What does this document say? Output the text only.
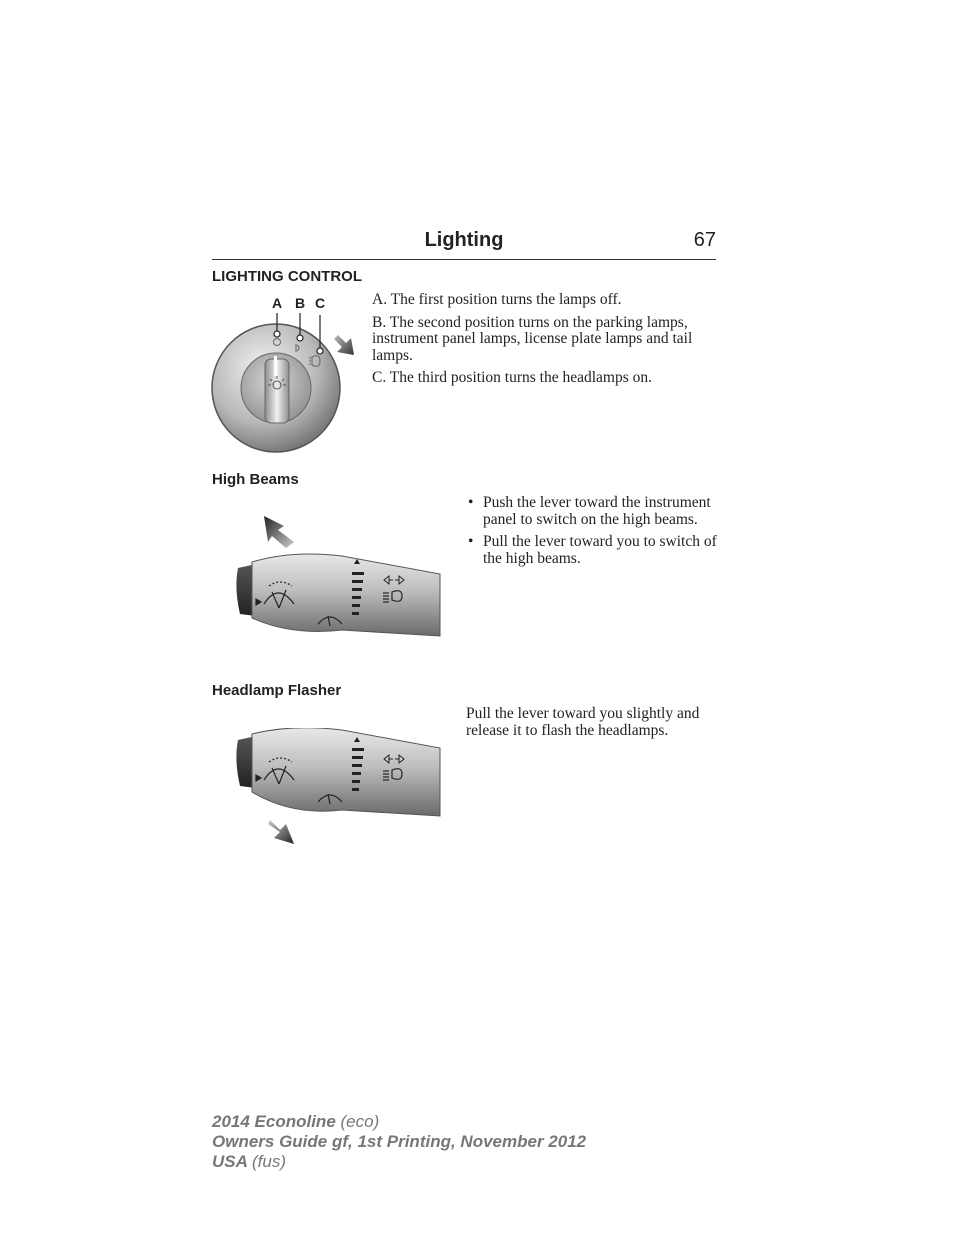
Lighting	67
LIGHTING CONTROL
A B C	A. The first position turns the lamps off.

B. The second position turns on the parking lamps, instrument panel lamps, license plate lamps and tail lamps.

C. The third position turns the headlamps on.

High Beams
• Push the lever toward the instrument panel to switch on the high beams.
• Pull the lever toward you to switch of the high beams.
Headlamp Flasher

Pull the lever toward you slightly and release it to flash the headlamps.

2014 Econoline (eco)
Owners Guide gf, 1st Printing, November 2012
USA (fus)
